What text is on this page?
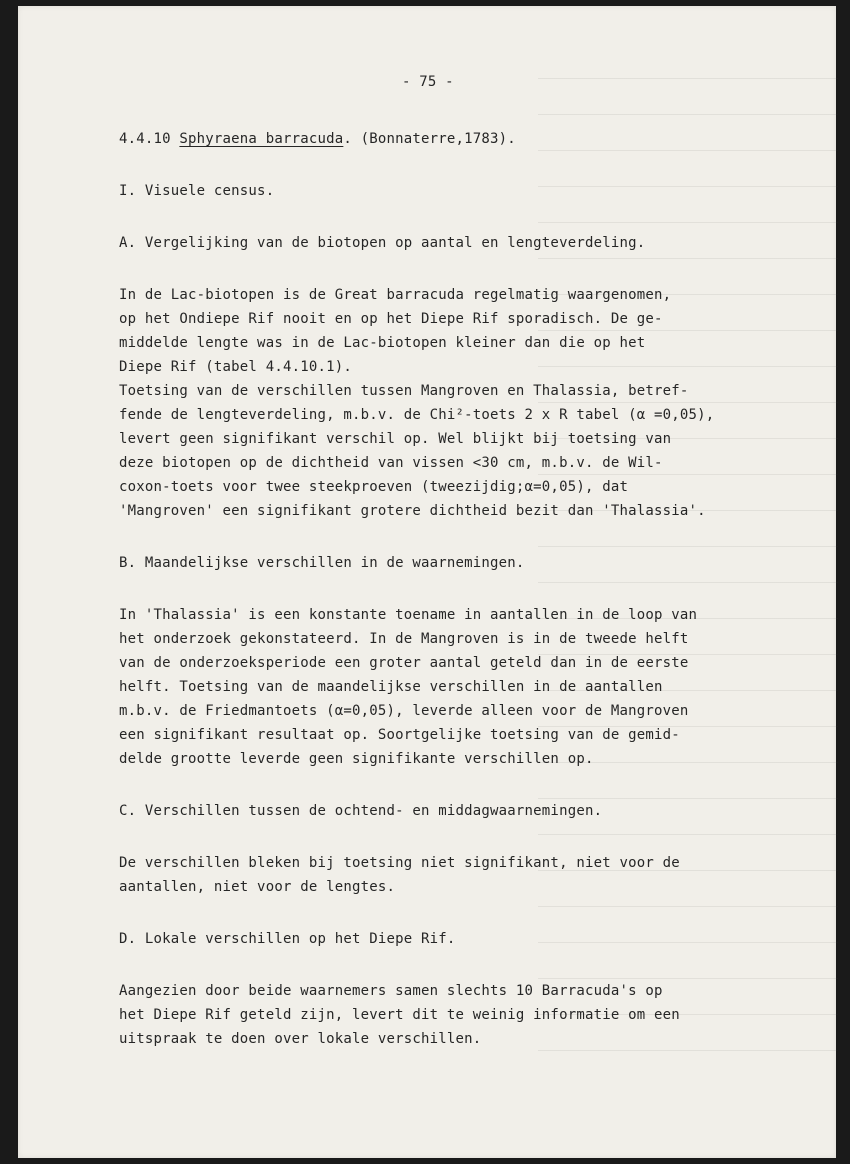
- 75 -
4.4.10 Sphyraena barracuda. (Bonnaterre,1783).
I. Visuele census.
A. Vergelijking van de biotopen op aantal en lengteverdeling.
In de Lac-biotopen is de Great barracuda regelmatig waargenomen,
op het Ondiepe Rif nooit en op het Diepe Rif sporadisch. De ge-
middelde lengte was in de Lac-biotopen kleiner dan die op het
Diepe Rif (tabel 4.4.10.1).
Toetsing van de verschillen tussen Mangroven en Thalassia, betref-
fende de lengteverdeling, m.b.v. de Chi²-toets 2 x R tabel (α =0,05),
levert geen signifikant verschil op. Wel blijkt bij toetsing van
deze biotopen op de dichtheid van vissen <30 cm, m.b.v. de Wil-
coxon-toets voor twee steekproeven (tweezijdig;α=0,05), dat
'Mangroven' een signifikant grotere dichtheid bezit dan 'Thalassia'.
B. Maandelijkse verschillen in de waarnemingen.
In 'Thalassia' is een konstante toename in aantallen in de loop van
het onderzoek gekonstateerd. In de Mangroven is in de tweede helft
van de onderzoeksperiode een groter aantal geteld dan in de eerste
helft. Toetsing van de maandelijkse verschillen in de aantallen
m.b.v. de Friedmantoets (α=0,05), leverde alleen voor de Mangroven
een signifikant resultaat op. Soortgelijke toetsing van de gemid-
delde grootte leverde geen signifikante verschillen op.
C. Verschillen tussen de ochtend- en middagwaarnemingen.
De verschillen bleken bij toetsing niet signifikant, niet voor de
aantallen, niet voor de lengtes.
D. Lokale verschillen op het Diepe Rif.
Aangezien door beide waarnemers samen slechts 10 Barracuda's op
het Diepe Rif geteld zijn, levert dit te weinig informatie om een
uitspraak te doen over lokale verschillen.
